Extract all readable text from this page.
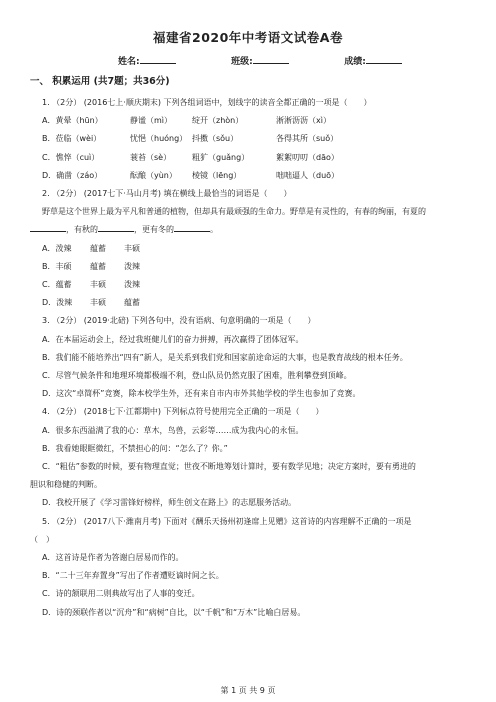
福建省2020年中考语文试卷A卷
姓名:	班级:	成绩:
一、 积累运用 (共7题；共36分)
1. （2分） (2016七上·顺庆期末) 下列各组词语中，划线字的读音全都正确的一项是（　　）
A．黄晕（hūn）	静谧（mì） 绽开（zhòn）	淅淅沥沥（xì）
B．莅临（wèi）	忧悒（huóng） 抖擞（sǒu）	各得其所（suǒ）
C．憔悴（cuì）	蓑苔（sè）	粗犷（guǎng）	絮絮叨叨（dāo）
D．确凿（záo）	酝酿（yùn） 棱镜（lēng）	咄咄逼人（duō）
2. （2分） (2017七下·马山月考) 填在横线上最恰当的词语是（　　）
野草是这个世界上最为平凡和普通的植物，但却具有最顽强的生命力。野草是有灵性的，有春的绚丽，有夏的
，有秋的	，更有冬的	。
A．泼辣 蕴蓄 丰硕
B．丰硕 蕴蓄 泼辣
C．蕴蓄 丰硕 泼辣
D．泼辣 丰硕 蕴蓄
3. （2分） (2019·北碚) 下列各句中，没有语病、句意明确的一项是（　　）
A．在本届运动会上，经过我班健儿们的奋力拼搏，再次赢得了团体冠军。
B．我们能不能培养出“四有”新人，是关系到我们党和国家前途命运的大事，也是教育战线的根本任务。
C．尽管气候条件和地理环境都极端不利，登山队员仍然克服了困难，胜利攀登到顶峰。
D．这次“卓简杯”竞赛，除本校学生外，还有来自市内市外其他学校的学生也参加了竞赛。
4. （2分） (2018七下·江都期中) 下列标点符号使用完全正确的一项是（　　）
A．很多东西溢满了我的心：草木，鸟兽，云彩等……成为我内心的永恒。
B．我看她眼眶微红，不禁担心的问：“怎么了？你。”
C．“粗估”参数的时候，要有物理直觉；世夜不断地筹划计算时，要有数学见地；决定方案时，要有勇进的
胆识和稳健的判断。
D．我校开展了《学习雷锋好榜样，师生创文在路上》的志愿服务活动。
5. （2分） (2017八下·潍南月考) 下面对《酬乐天扬州初逢席上见赠》这首诗的内容理解不正确的一项是
（　）
A．这首诗是作者为答谢白居易而作的。
B．“二十三年弃置身”写出了作者遭贬谪时间之长。
C．诗的颔联用二则典故写出了人事的变迁。
D．诗的颈联作者以“沉舟”和“病树”自比，以“千帆”和“万木”比喻白居易。
第 1 页 共 9 页
